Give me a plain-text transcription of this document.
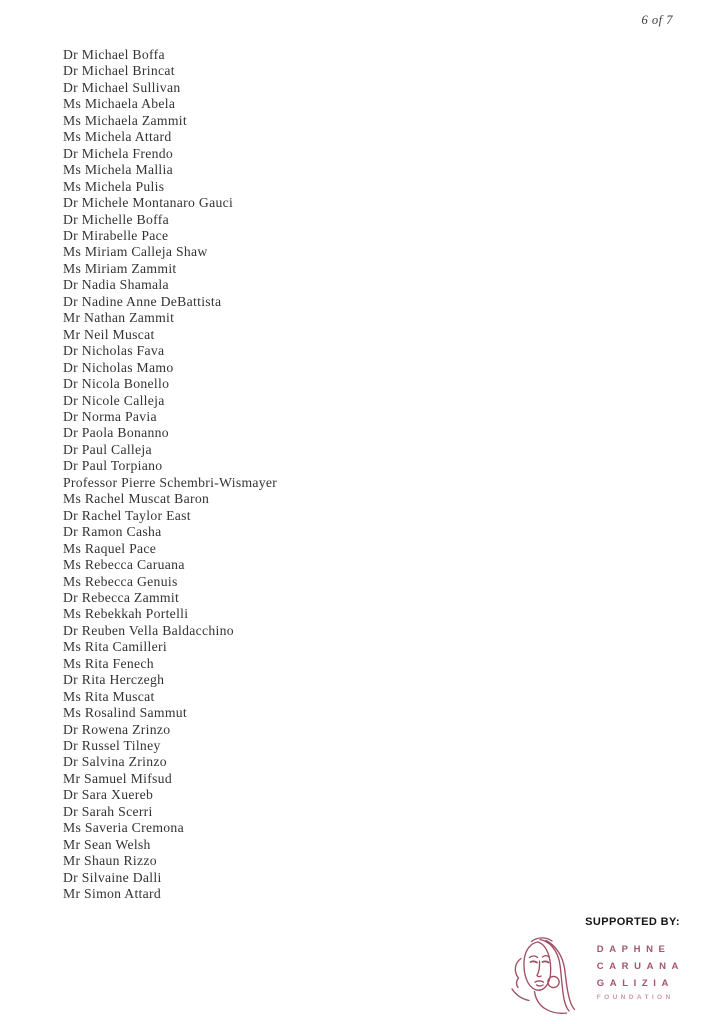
6 of 7
Dr Michael Boffa
Dr Michael Brincat
Dr Michael Sullivan
Ms Michaela Abela
Ms Michaela Zammit
Ms Michela Attard
Dr Michela Frendo
Ms Michela Mallia
Ms Michela Pulis
Dr Michele Montanaro Gauci
Dr Michelle Boffa
Dr Mirabelle Pace
Ms Miriam Calleja Shaw
Ms Miriam Zammit
Dr Nadia Shamala
Dr Nadine Anne DeBattista
Mr Nathan Zammit
Mr Neil Muscat
Dr Nicholas Fava
Dr Nicholas Mamo
Dr Nicola Bonello
Dr Nicole Calleja
Dr Norma Pavia
Dr Paola Bonanno
Dr Paul Calleja
Dr Paul Torpiano
Professor Pierre Schembri-Wismayer
Ms Rachel Muscat Baron
Dr Rachel Taylor East
Dr Ramon Casha
Ms Raquel Pace
Ms Rebecca Caruana
Ms Rebecca Genuis
Dr Rebecca Zammit
Ms Rebekkah Portelli
Dr Reuben Vella Baldacchino
Ms Rita Camilleri
Ms Rita Fenech
Dr Rita Herczegh
Ms Rita Muscat
Ms Rosalind Sammut
Dr Rowena Zrinzo
Dr Russel Tilney
Dr Salvina Zrinzo
Mr Samuel Mifsud
Dr Sara Xuereb
Dr Sarah Scerri
Ms Saveria Cremona
Mr Sean Welsh
Mr Shaun Rizzo
Dr Silvaine Dalli
Mr Simon Attard
SUPPORTED BY:
DAPHNE
CARUANA
GALIZIA
FOUNDATION
